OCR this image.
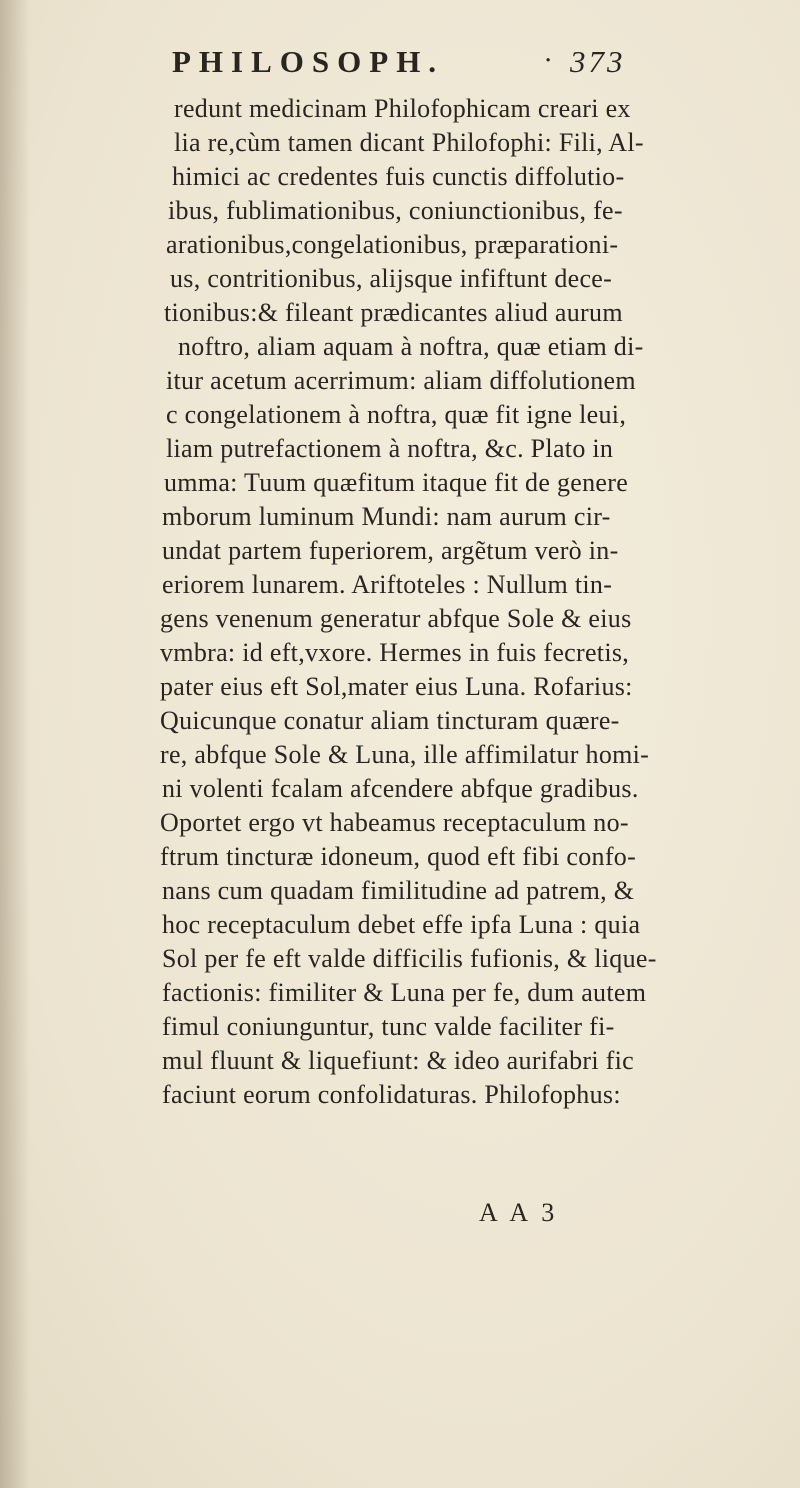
PHILOSOPH.	· 373
redunt medicinam Philofophicam creari ex
lia re,cùm tamen dicant Philofophi: Fili, Al-
himici ac credentes fuis cunctis diffolutio-
ibus, fublimationibus, coniunctionibus, fe-
arationibus,congelationibus, præparationi-
us, contritionibus, alijsque infiftunt dece-
tionibus:& fileant prædicantes aliud aurum
noftro, aliam aquam à noftra, quæ etiam di-
itur acetum acerrimum: aliam diffolutionem
c congelationem à noftra, quæ fit igne leui,
liam putrefactionem à noftra, &c. Plato in
umma: Tuum quæfitum itaque fit de genere
mborum luminum Mundi: nam aurum cir-
undat partem fuperiorem, argẽtum verò in-
eriorem lunarem. Ariftoteles : Nullum tin-
gens venenum generatur abfque Sole & eius
vmbra: id eft,vxore. Hermes in fuis fecretis,
pater eius eft Sol,mater eius Luna. Rofarius:
Quicunque conatur aliam tincturam quære-
re, abfque Sole & Luna, ille affimilatur homi-
ni volenti fcalam afcendere abfque gradibus.
Oportet ergo vt habeamus receptaculum no-
ftrum tincturæ idoneum, quod eft fibi confo-
nans cum quadam fimilitudine ad patrem, &
hoc receptaculum debet effe ipfa Luna : quia
Sol per fe eft valde difficilis fufionis, & lique-
factionis: fimiliter & Luna per fe, dum autem
fimul coniunguntur, tunc valde faciliter fi-
mul fluunt & liquefiunt: & ideo aurifabri fic
faciunt eorum confolidaturas. Philofophus:
A A 3
